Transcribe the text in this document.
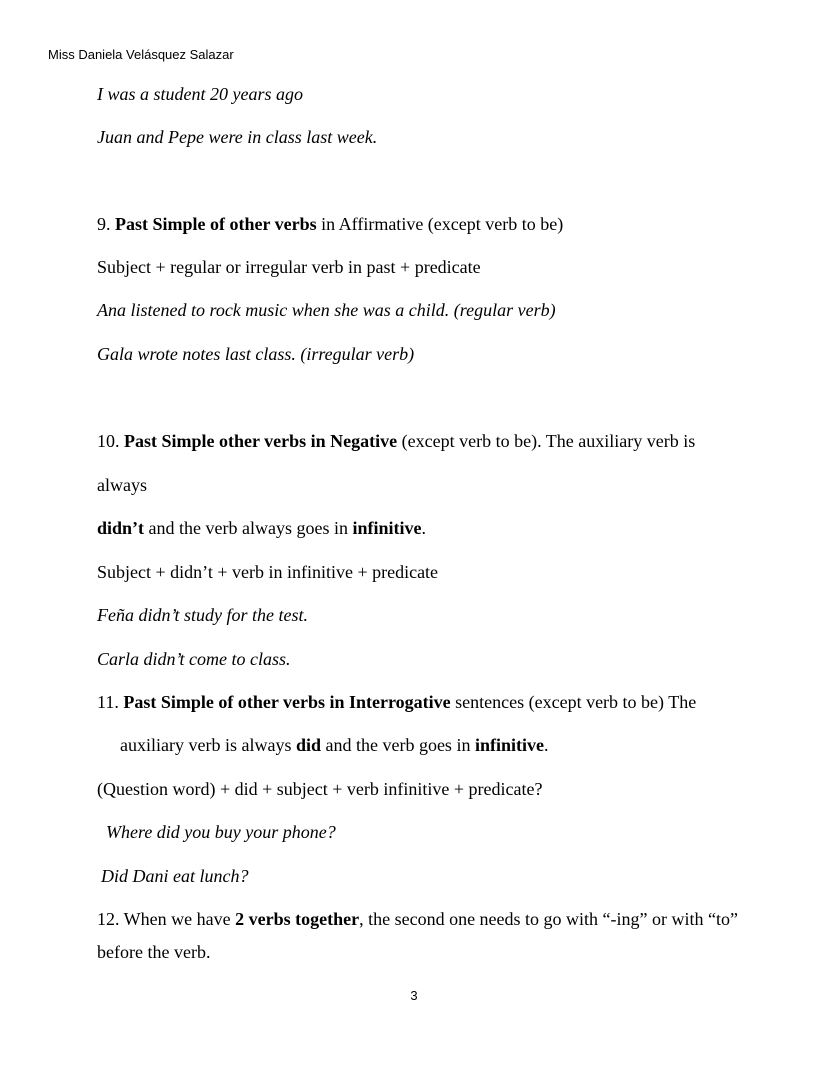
Miss Daniela Velásquez Salazar
I was a student 20 years ago
Juan and Pepe were in class last week.
9. Past Simple of other verbs in Affirmative (except verb to be)
Subject + regular or irregular verb in past + predicate
Ana listened to rock music when she was a child. (regular verb)
Gala wrote notes last class. (irregular verb)
10. Past Simple other verbs in Negative (except verb to be). The auxiliary verb is
always
didn’t and the verb always goes in infinitive.
Subject + didn’t + verb in infinitive + predicate
Feña didn’t study for the test.
Carla didn’t come to class.
11. Past Simple of other verbs in Interrogative sentences (except verb to be) The
auxiliary verb is always did and the verb goes in infinitive.
(Question word) + did + subject + verb infinitive + predicate?
Where did you buy your phone?
Did Dani eat lunch?
12. When we have 2 verbs together, the second one needs to go with “-ing” or with “to”
before the verb.
3
